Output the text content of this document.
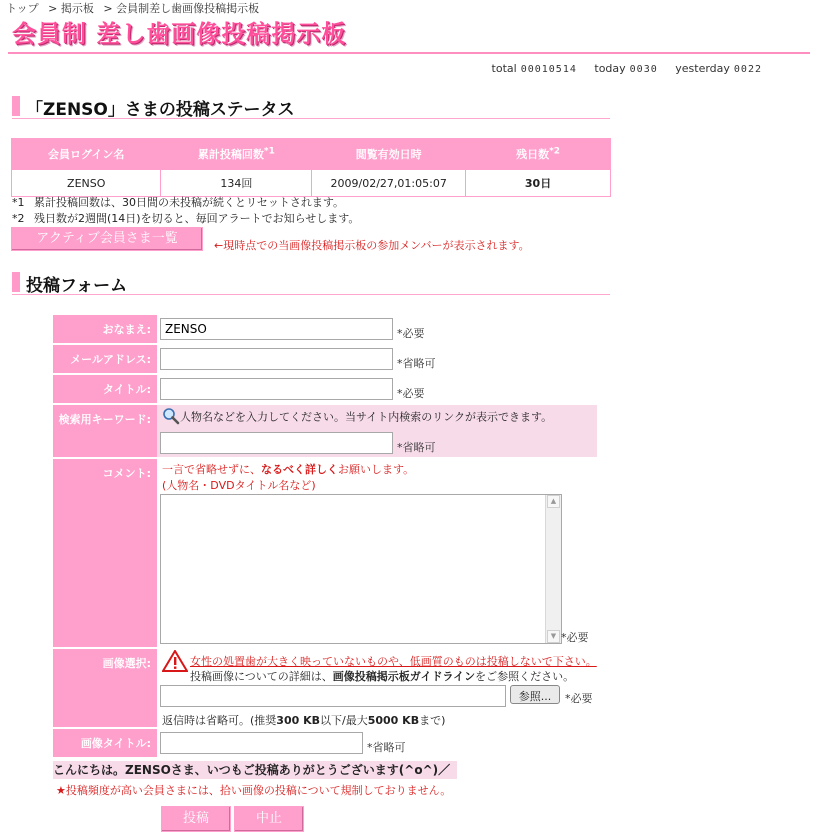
トップ > 掲示板 > 会員制差し歯画像投稿掲示板
会員制 差し歯画像投稿掲示板
total 00010514 today 0030 yesterday 0022
「ZENSO」さまの投稿ステータス
会員ログイン名	累計投稿回数$^{*1}$	閲覧有効日時	残日数$^{*2}$
ZENSO	134回	2009/02/27,01:05:07	30日
*1 累計投稿回数は、30日間の未投稿が続くとリセットされます。
*2 残日数が2週間(14日)を切ると、毎回アラートでお知らせします。
アクティブ会員さま一覧	←現時点での当画像投稿掲示板の参加メンバーが表示されます。
投稿フォーム
おなまえ:
ZENSO	*必要
メールアドレス:	*省略可
タイトル:	*必要
検索用キーワード:	人物名などを入力してください。当サイト内検索のリンクが表示できます。
*省略可
コメント:	一言で省略せずに、なるべく詳しくお願いします。
(人物名・DVDタイトル名など)
▲
▼ *必要
画像選択:	女性の処置歯が大きく映っていないものや、低画質のものは投稿しないで下さい。
投稿画像についての詳細は、画像投稿掲示板ガイドラインをご参照ください。
参照...	*必要
返信時は省略可。(推奨300 KB以下/最大5000 KBまで)
画像タイトル:	*省略可
こんにちは。ZENSOさま、いつもご投稿ありがとうございます(^o^)／
★投稿頻度が高い会員さまには、拾い画像の投稿について規制しておりません。
投稿	中止
